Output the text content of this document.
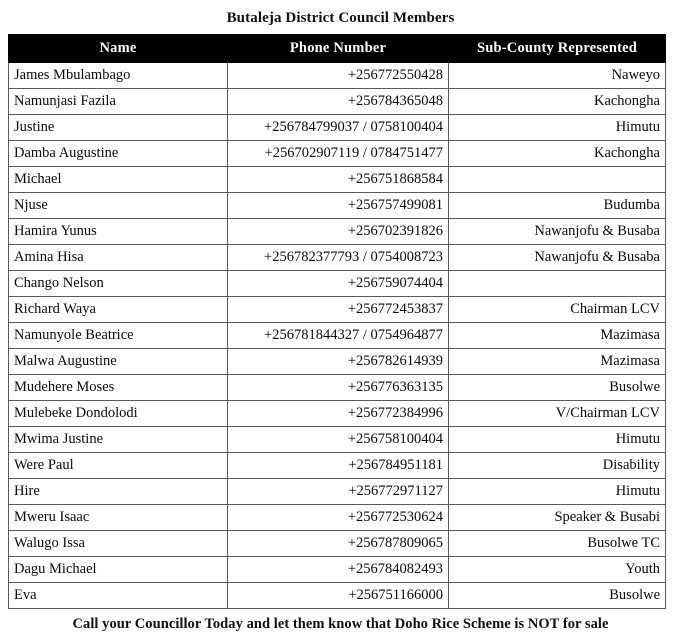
Butaleja District Council Members
Name	Phone Number	Sub-County Represented
James Mbulambago	+256772550428	Naweyo
Namunjasi Fazila	+256784365048	Kachongha
Justine	+256784799037 / 0758100404	Himutu
Damba Augustine	+256702907119 / 0784751477	Kachongha
Michael	+256751868584	
Njuse	+256757499081	Budumba
Hamira Yunus	+256702391826	Nawanjofu & Busaba
Amina Hisa	+256782377793 / 0754008723	Nawanjofu & Busaba
Chango Nelson	+256759074404	
Richard Waya	+256772453837	Chairman LCV
Namunyole Beatrice	+256781844327 / 0754964877	Mazimasa
Malwa Augustine	+256782614939	Mazimasa
Mudehere Moses	+256776363135	Busolwe
Mulebeke Dondolodi	+256772384996	V/Chairman LCV
Mwima Justine	+256758100404	Himutu
Were Paul	+256784951181	Disability
Hire	+256772971127	Himutu
Mweru Isaac	+256772530624	Speaker & Busabi
Walugo Issa	+256787809065	Busolwe TC
Dagu Michael	+256784082493	Youth
Eva	+256751166000	Busolwe
Call your Councillor Today and let them know that Doho Rice Scheme is NOT for sale
